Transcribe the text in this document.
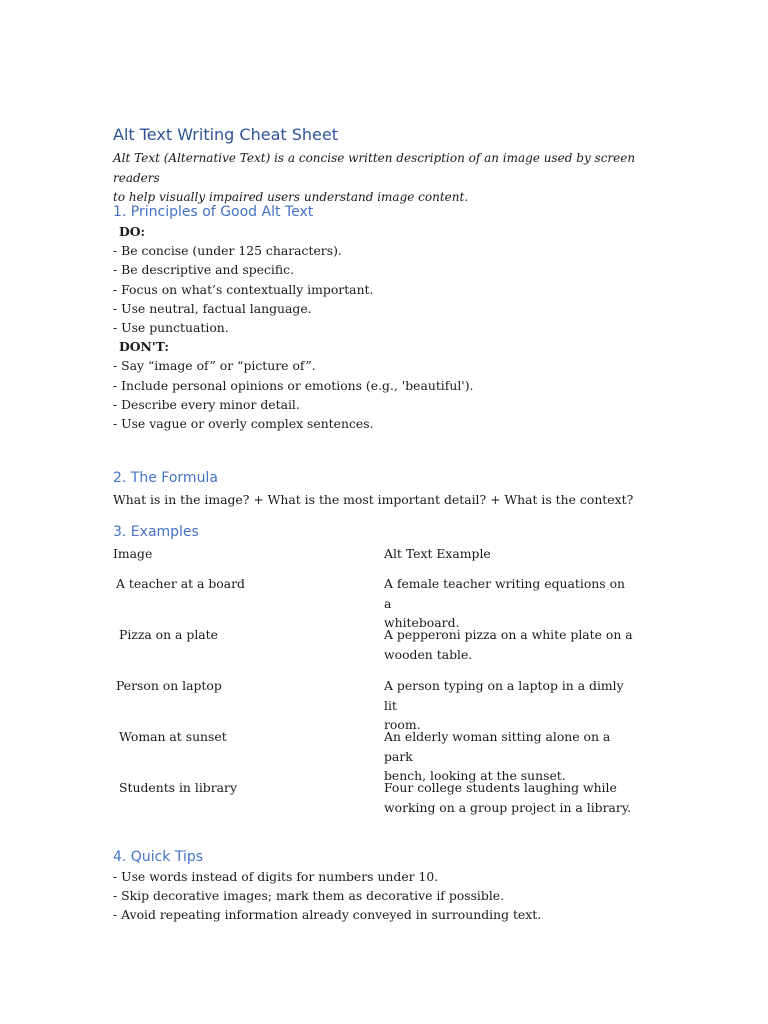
Alt Text Writing Cheat Sheet

Alt Text (Alternative Text) is a concise written description of an image used by screen readers

to help visually impaired users understand image content.

1. Principles of Good Alt Text

DO:

- Be concise (under 125 characters).

- Be descriptive and specific.

- Focus on what’s contextually important.

- Use neutral, factual language.

- Use punctuation.

DON'T:

- Say “image of” or “picture of”.

- Include personal opinions or emotions (e.g., 'beautiful').

- Describe every minor detail.

- Use vague or overly complex sentences.

2. The Formula

What is in the image? + What is the most important detail? + What is the context?

3. Examples
Image	Alt Text Example
A teacher at a board	A female teacher writing equations on a
whiteboard.
Pizza on a plate	A pepperoni pizza on a white plate on a
wooden table.
Person on laptop	A person typing on a laptop in a dimly lit
room.
Woman at sunset	An elderly woman sitting alone on a park
bench, looking at the sunset.
Students in library	Four college students laughing while
working on a group project in a library.
4. Quick Tips

- Use words instead of digits for numbers under 10.

- Skip decorative images; mark them as decorative if possible.

- Avoid repeating information already conveyed in surrounding text.
